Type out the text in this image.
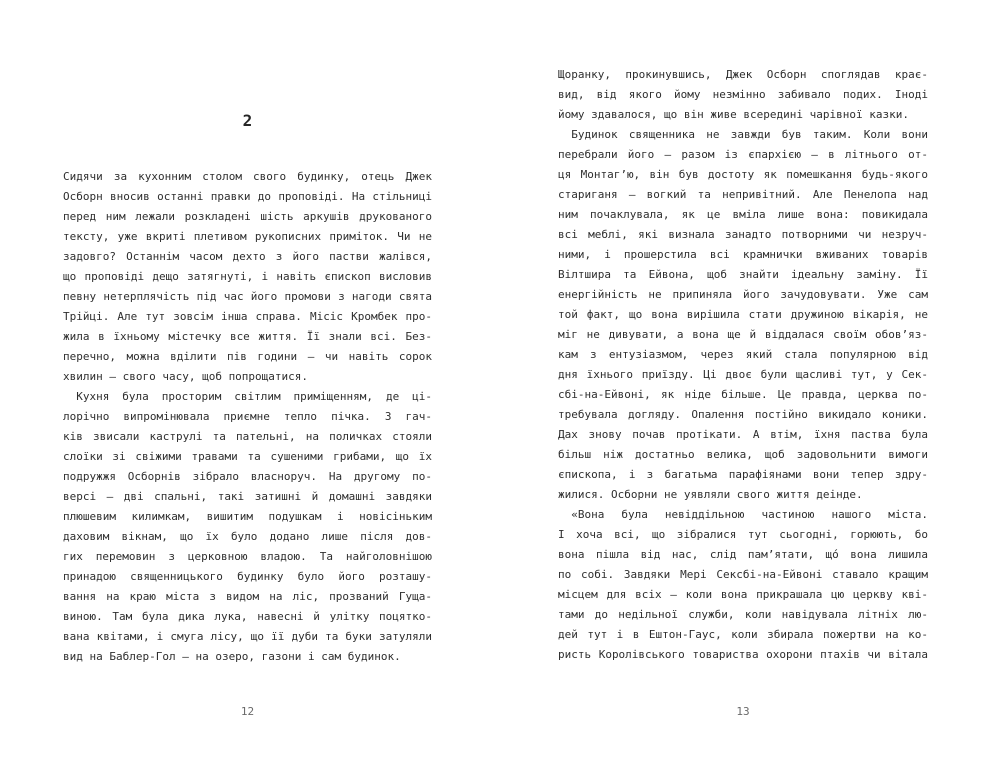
2
Сидячи за кухонним столом свого будинку, отець Джек
Осборн вносив останні правки до проповіді. На стільниці
перед ним лежали розкладені шість аркушів друкованого
тексту, уже вкриті плетивом рукописних приміток. Чи не
задовго? Останнім часом дехто з його пастви жалівся,
що проповіді дещо затягнуті, і навіть єпископ висловив
певну нетерплячість під час його промови з нагоди свята
Трійці. Але тут зовсім інша справа. Місіс Кромбек про-
жила в їхньому містечку все життя. Її знали всі. Без-
перечно, можна вділити пів години — чи навіть сорок
хвилин — свого часу, щоб попрощатися.
Кухня була просторим світлим приміщенням, де ці-
лорічно випромінювала приємне тепло пічка. З гач-
ків звисали каструлі та пательні, на поличках стояли
слоїки зі свіжими травами та сушеними грибами, що їх
подружжя Осборнів зібрало власноруч. На другому по-
версі — дві спальні, такі затишні й домашні завдяки
плюшевим килимкам, вишитим подушкам і новісіньким
даховим вікнам, що їх було додано лише після дов-
гих перемовин з церковною владою. Та найголовнішою
принадою священницького будинку було його розташу-
вання на краю міста з видом на ліс, прозваний Гуща-
виною. Там була дика лука, навесні й улітку поцятко-
вана квітами, і смуга лісу, що її дуби та буки затуляли
вид на Баблер-Гол — на озеро, газони і сам будинок.
12
Щоранку, прокинувшись, Джек Осборн споглядав крає-
вид, від якого йому незмінно забивало подих. Іноді
йому здавалося, що він живе всередині чарівної казки.
Будинок священника не завжди був таким. Коли вони
перебрали його — разом із єпархією — в літнього от-
ця Монтаг’ю, він був достоту як помешкання будь-якого
стариганя — вогкий та непривітний. Але Пенелопа над
ним почаклувала, як це вміла лише вона: повикидала
всі меблі, які визнала занадто потворними чи незруч-
ними, і прошерстила всі крамнички вживаних товарів
Вілтшира та Ейвона, щоб знайти ідеальну заміну. Її
енергійність не припиняла його зачудовувати. Уже сам
той факт, що вона вирішила стати дружиною вікарія, не
міг не дивувати, а вона ще й віддалася своїм обов’яз-
кам з ентузіазмом, через який стала популярною від
дня їхнього приїзду. Ці двоє були щасливі тут, у Сек-
сбі-на-Ейвоні, як ніде більше. Це правда, церква по-
требувала догляду. Опалення постійно викидало коники.
Дах знову почав протікати. А втім, їхня паства була
більш ніж достатньо велика, щоб задовольнити вимоги
єпископа, і з багатьма парафіянами вони тепер здру-
жилися. Осборни не уявляли свого життя деінде.
«Вона була невіддільною частиною нашого міста.
І хоча всі, що зібралися тут сьогодні, горюють, бо
вона пішла від нас, слід пам’ятати, щó вона лишила
по собі. Завдяки Мері Сексбі-на-Ейвоні ставало кращим
місцем для всіх — коли вона прикрашала цю церкву кві-
тами до недільної служби, коли навідувала літніх лю-
дей тут і в Ештон-Гаус, коли збирала пожертви на ко-
ристь Королівського товариства охорони птахів чи вітала
13
